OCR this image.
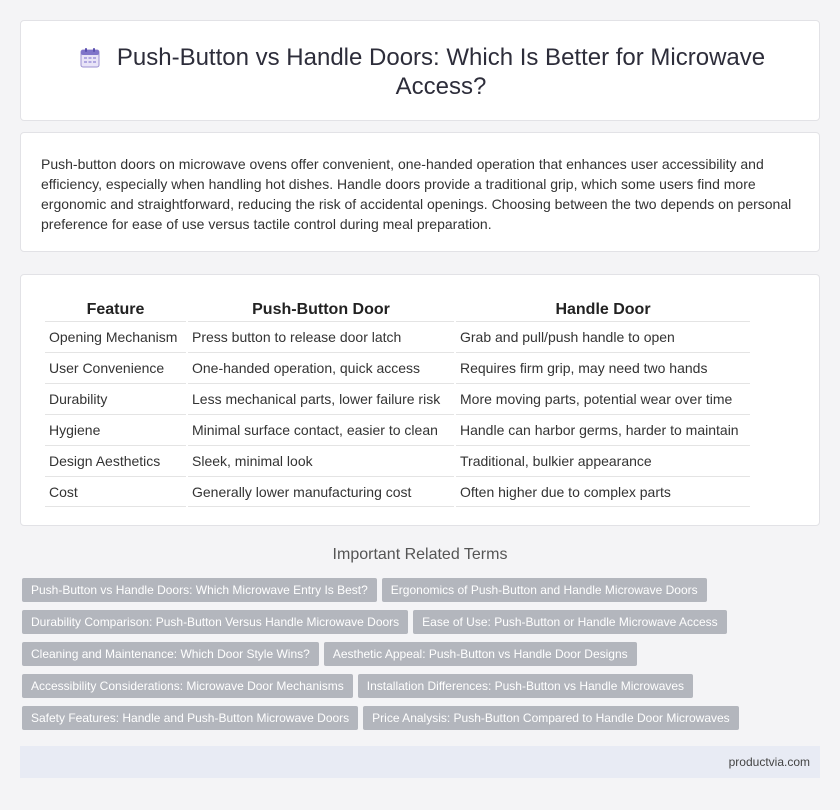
Push-Button vs Handle Doors: Which Is Better for Microwave Access?

Push-button doors on microwave ovens offer convenient, one-handed operation that enhances user accessibility and efficiency, especially when handling hot dishes. Handle doors provide a traditional grip, which some users find more ergonomic and straightforward, reducing the risk of accidental openings. Choosing between the two depends on personal preference for ease of use versus tactile control during meal preparation.

Feature	Push-Button Door	Handle Door
Opening Mechanism	Press button to release door latch	Grab and pull/push handle to open
User Convenience	One-handed operation, quick access	Requires firm grip, may need two hands
Durability	Less mechanical parts, lower failure risk	More moving parts, potential wear over time
Hygiene	Minimal surface contact, easier to clean	Handle can harbor germs, harder to maintain
Design Aesthetics	Sleek, minimal look	Traditional, bulkier appearance
Cost	Generally lower manufacturing cost	Often higher due to complex parts
Important Related Terms
Push-Button vs Handle Doors: Which Microwave Entry Is Best? Ergonomics of Push-Button and Handle Microwave Doors
Durability Comparison: Push-Button Versus Handle Microwave Doors Ease of Use: Push-Button or Handle Microwave Access
Cleaning and Maintenance: Which Door Style Wins? Aesthetic Appeal: Push-Button vs Handle Door Designs
Accessibility Considerations: Microwave Door Mechanisms Installation Differences: Push-Button vs Handle Microwaves
Safety Features: Handle and Push-Button Microwave Doors Price Analysis: Push-Button Compared to Handle Door Microwaves
productvia.com
